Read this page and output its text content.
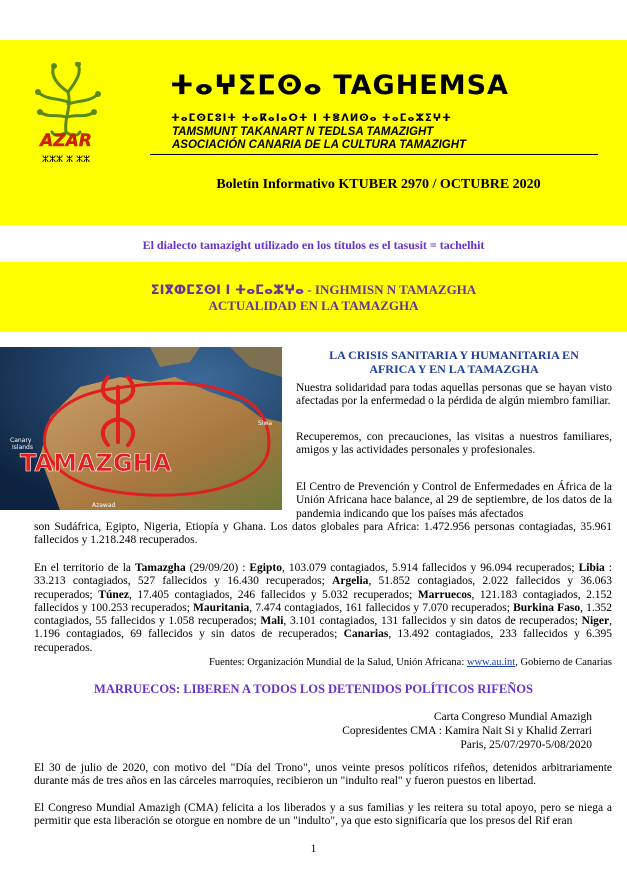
AZAR
ⵣⵣⵣ ⵣ ⵣⵣ
ⵜⴰⵖⵉⵎⵙⴰ TAGHEMSA
ⵜⴰⵎⵙⵎⵓⵏⵜ ⵜⴰⴽⴰⵏⴰⵔⵜ ⵏ ⵜⴻⴷⵍⵙⴰ ⵜⴰⵎⴰⵣⵉⵖⵜ
TAMSMUNT TAKANART N TEDLSA TAMAZIGHT
ASOCIACIÓN CANARIA DE LA CULTURA TAMAZIGHT
Boletín Informativo KTUBER 2970 / OCTUBRE 2020
El dialecto tamazight utilizado en los títulos es el tasusit = tachelhit
ⵉⵏⴳⵀⵎⵉⵙⵏ ⵏ ⵜⴰⵎⴰⵣⵖⴰ - INGHMISN N TAMAZGHA
ACTUALIDAD EN LA TAMAZGHA
TAMAZGHA
Canary
Islands
Siwa
Azawad
LA CRISIS SANITARIA Y HUMANITARIA EN
AFRICA Y EN LA TAMAZGHA
Nuestra solidaridad para todas aquellas personas que se hayan visto afectadas por la enfermedad o la pérdida de algún miembro familiar.
Recuperemos, con precauciones, las visitas a nuestros familiares, amigos y las actividades personales y profesionales.
El Centro de Prevención y Control de Enfermedades en África de la Unión Africana hace balance, al 29 de septiembre, de los datos de la pandemia indicando que los países más afectados
son Sudáfrica, Egipto, Nigeria, Etiopía y Ghana. Los datos globales para Africa: 1.472.956 personas contagiadas, 35.961 fallecidos y 1.218.248 recuperados.
En el territorio de la Tamazgha (29/09/20) : Egipto, 103.079 contagiados, 5.914 fallecidos y 96.094 recuperados; Libia : 33.213 contagiados, 527 fallecidos y 16.430 recuperados; Argelia, 51.852 contagiados, 2.022 fallecidos y 36.063 recuperados; Túnez, 17.405 contagiados, 246 fallecidos y 5.032 recuperados; Marruecos, 121.183 contagiados, 2.152 fallecidos y 100.253 recuperados; Mauritania, 7.474 contagiados, 161 fallecidos y 7.070 recuperados; Burkina Faso, 1.352 contagiados, 55 fallecidos y 1.058 recuperados; Mali, 3.101 contagiados, 131 fallecidos y sin datos de recuperados; Niger, 1.196 contagiados, 69 fallecidos y sin datos de recuperados; Canarias, 13.492 contagiados, 233 fallecidos y 6.395 recuperados.
Fuentes: Organización Mundial de la Salud, Unión Africana: www.au.int, Gobierno de Canarias
MARRUECOS: LIBEREN A TODOS LOS DETENIDOS POLÍTICOS RIFEÑOS
Carta Congreso Mundial Amazigh
Copresidentes CMA : Kamira Nait Si y Khalid Zerrari
Paris, 25/07/2970-5/08/2020
El 30 de julio de 2020, con motivo del "Día del Trono", unos veinte presos políticos rifeños, detenidos arbitrariamente durante más de tres años en las cárceles marroquíes, recibieron un "indulto real" y fueron puestos en libertad.
El Congreso Mundial Amazigh (CMA) felicita a los liberados y a sus familias y les reitera su total apoyo, pero se niega a permitir que esta liberación se otorgue en nombre de un "indulto", ya que esto significaría que los presos del Rif eran
1
